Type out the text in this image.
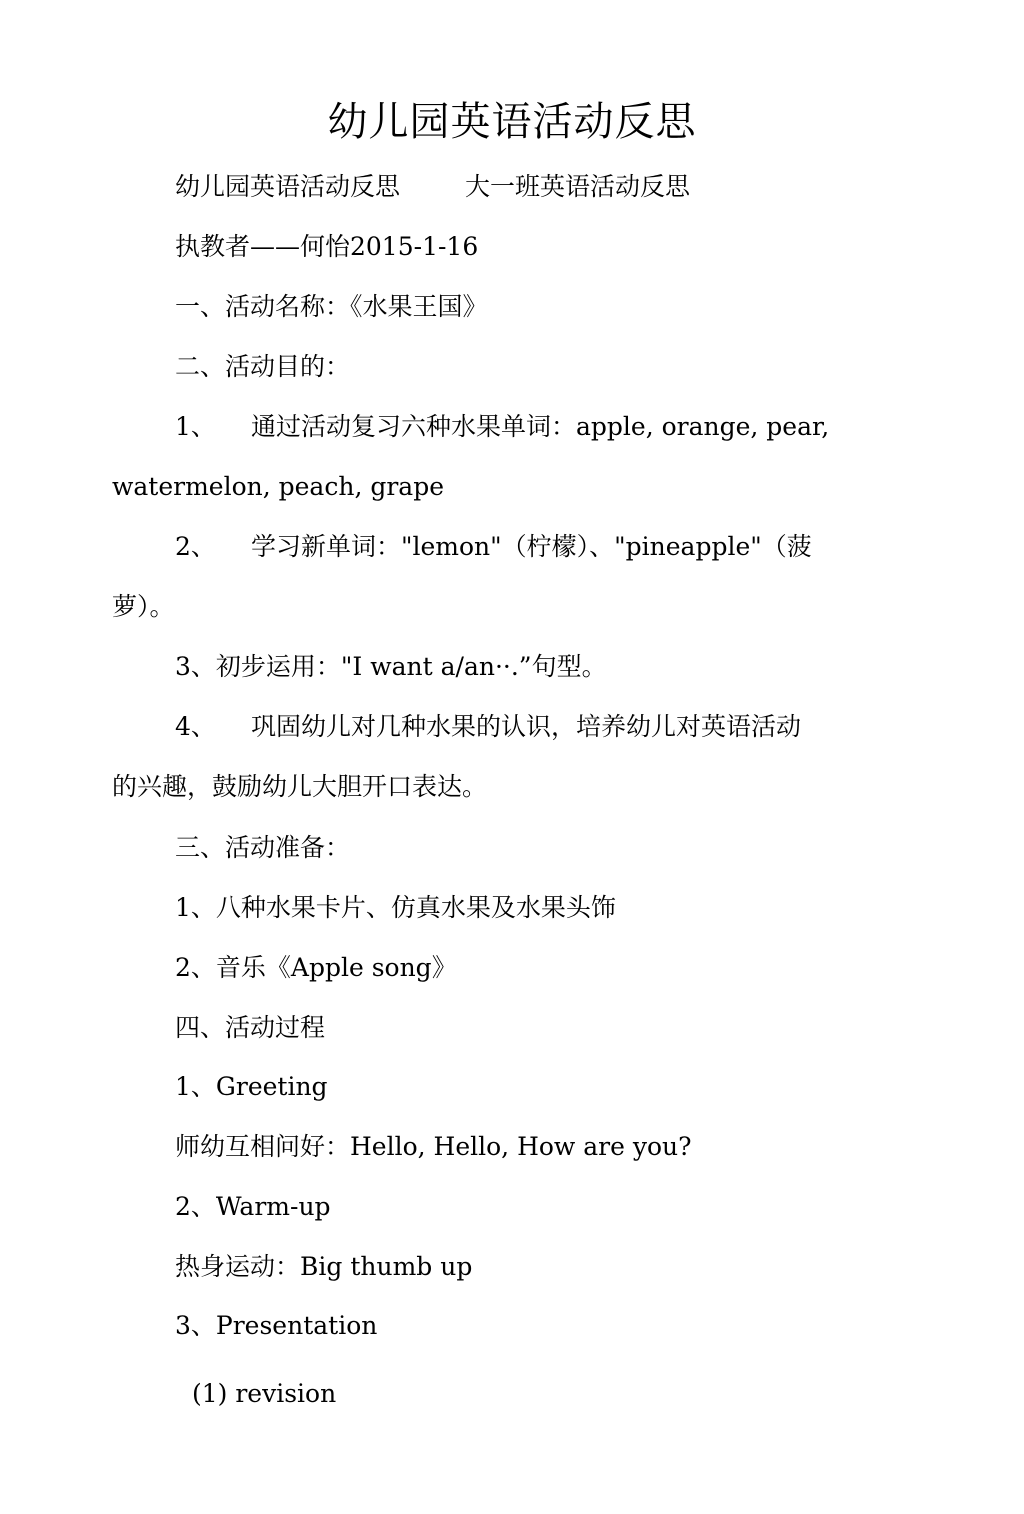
幼儿园英语活动反思
幼儿园英语活动反思	大一班英语活动反思
执教者——何怡2015-1-16
一、活动名称：《水果王国》
二、活动目的：
1、 通过活动复习六种水果单词：apple, orange, pear,
watermelon, peach, grape
2、 学习新单词："lemon"（柠檬）、"pineapple"（菠
萝）。
3、初步运用："I want a/an··.”句型。
4、 巩固幼儿对几种水果的认识，培养幼儿对英语活动
的兴趣，鼓励幼儿大胆开口表达。
三、活动准备：
1、八种水果卡片、仿真水果及水果头饰
2、音乐《Apple song》
四、活动过程
1、Greeting
师幼互相问好：Hello, Hello, How are you?
2、Warm-up
热身运动：Big thumb up
3、Presentation
(1) revision
